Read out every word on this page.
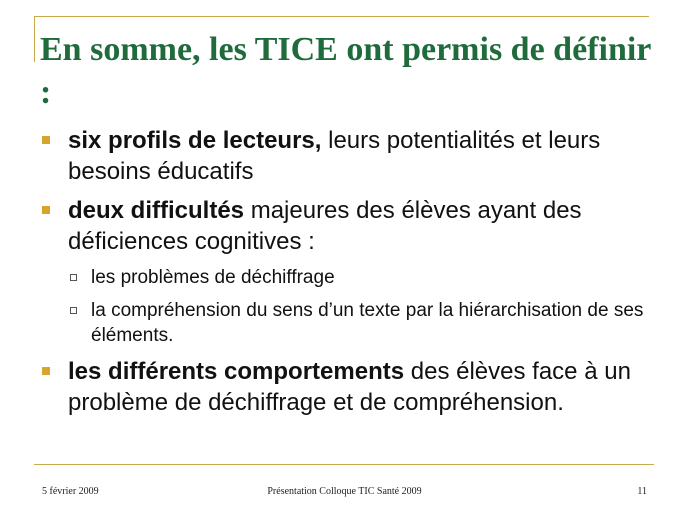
En somme, les TICE ont permis de définir :
six profils de lecteurs, leurs potentialités et leurs besoins éducatifs
deux difficultés majeures des élèves ayant des déficiences cognitives :
les problèmes de déchiffrage
la compréhension du sens d’un texte par la hiérarchisation de ses éléments.
les différents comportements des élèves face à un problème de déchiffrage et de compréhension.
5 février 2009	Présentation Colloque TIC Santé 2009	11
